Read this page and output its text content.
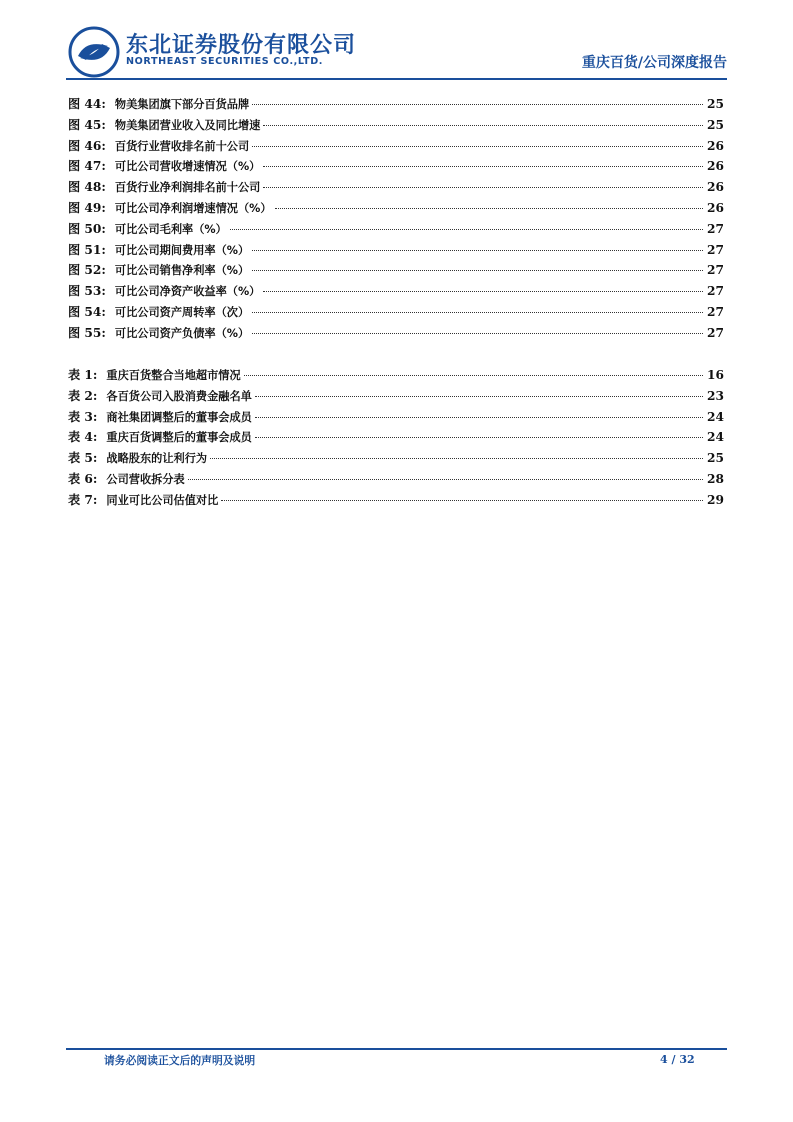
东北证券股份有限公司
NORTHEAST SECURITIES CO.,LTD.	重庆百货/公司深度报告
图 44: 物美集团旗下部分百货品牌	25
图 45: 物美集团营业收入及同比增速	25
图 46: 百货行业营收排名前十公司	26
图 47: 可比公司营收增速情况（%）	26
图 48: 百货行业净利润排名前十公司	26
图 49: 可比公司净利润增速情况（%）	26
图 50: 可比公司毛利率（%）	27
图 51: 可比公司期间费用率（%）	27
图 52: 可比公司销售净利率（%）	27
图 53: 可比公司净资产收益率（%）	27
图 54: 可比公司资产周转率（次）	27
图 55: 可比公司资产负债率（%）	27
表 1: 重庆百货整合当地超市情况	16
表 2: 各百货公司入股消费金融名单	23
表 3: 商社集团调整后的董事会成员	24
表 4: 重庆百货调整后的董事会成员	24
表 5: 战略股东的让利行为	25
表 6: 公司营收拆分表	28
表 7: 同业可比公司估值对比	29
请务必阅读正文后的声明及说明	4 / 32
